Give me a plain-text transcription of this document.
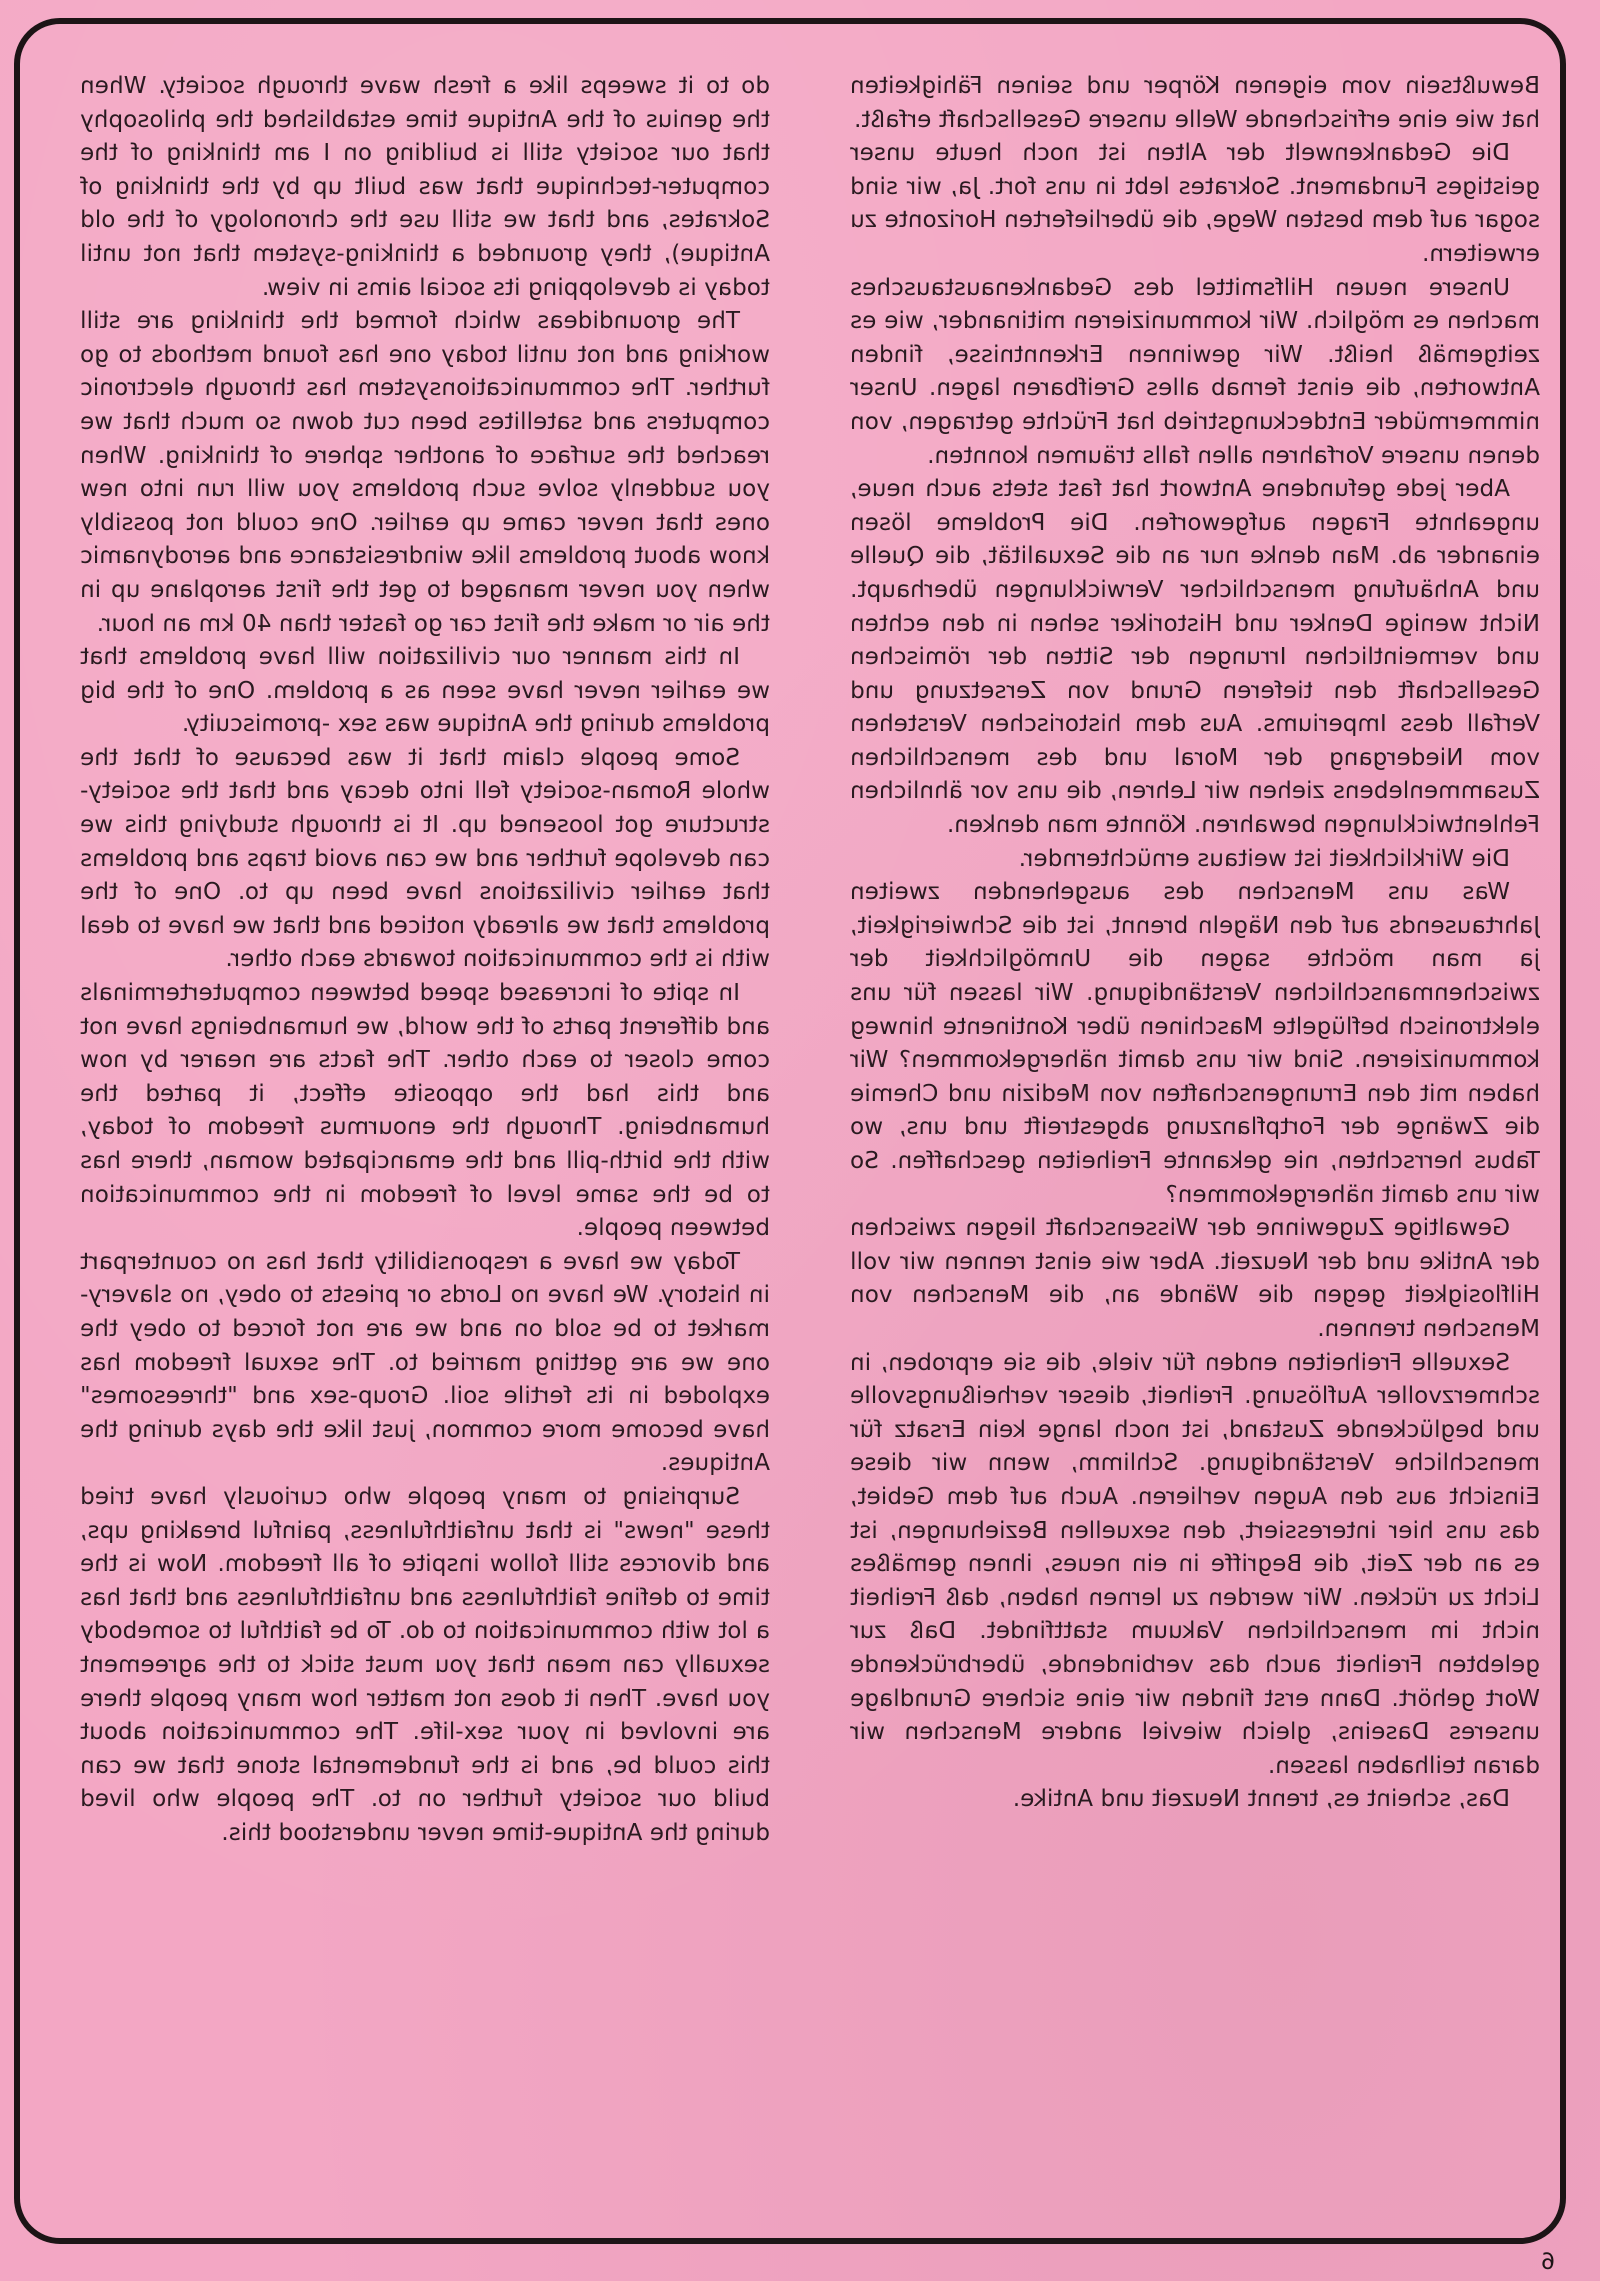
Bewußtsein vom eigenen Körper und seinen Fähigkeiten hat wie eine erfrischende Welle unsere Gesellschaft erfaßt.

Die Gedankenwelt der Alten ist noch heute unser geistiges Fundament. Sokrates lebt in uns fort. Ja, wir sind sogar auf dem besten Wege, die überlieferten Horizonte zu erweitern.

Unsere neuen Hilfsmittel des Gedankenaustausches machen es möglich. Wir kommunizieren mitinander, wie es zeitgemäß heißt. Wir gewinnen Erkenntnisse, finden Antworten, die einst fernab alles Greifbaren lagen. Unser nimmermüder Entdeckungstrieb hat Früchte getragen, von denen unsere Vorfahren allen falls träumen konnten.

Aber jede gefundene Antwort hat fast stets auch neue, ungeahnte Fragen aufgeworfen. Die Probleme lösen einander ab. Man denke nur an die Sexualität, die Quelle und Anhäufung menschlicher Verwicklungen überhaupt. Nicht wenige Denker und Historiker sehen in den echten und vermeintlichen Irrungen der Sitten der römischen Gesellschaft den tieferen Grund von Zersetzung und Verfall dess Imperiums. Aus dem historischen Verstehen vom Niedergang der Moral und des menschlichen Zusammenlebens ziehen wir Lehren, die uns vor ähnlichen Fehlentwicklungen bewahren. Könnte man denken.

Die Wirklichkeit ist weitaus ernüchternder.

Was uns Menschen des ausgehenden zweiten Jahrtausends auf den Nägeln brennt, ist die Schwierigkeit, ja man möchte sagen die Unmöglichkeit der zwischenmanschlichen Verständigung. Wir lassen für uns elektronisch beflügelte Maschinen über Kontinente hinweg kommunizieren. Sind wir uns damit nähergekommen? Wir haben mit den Errungenschaften von Medizin und Chemie die Zwänge der Fortpflanzung abgestreift und uns, wo Tabus herrschten, nie gekannte Freiheiten geschaffen. So wir uns damit nähergekommen?

Gewaltige Zugewinne der Wissenschaft liegen zwischen der Antike und der Neuzeit. Aber wie einst rennen wir voll Hilflosigkeit gegen die Wände an, die Menschen von Menschen trennen.

Sexuelle Freiheiten enden für viele, die sie erproben, in schmerzvoller Auflösung. Freiheit, dieser verheißungsvolle und beglückende Zustand, ist noch lange kein Ersatz für menschliche Verständigung. Schlimm, wenn wir diese Einsicht aus den Augen verlieren. Auch auf dem Gebiet, das uns hier interessiert, den sexuellen Beziehungen, ist es an der Zeit, die Begriffe in ein neues, ihnen gemäßes Licht zu rücken. Wir werden zu lernen haben, daß Freiheit nicht im menschlichen Vakuum stattfindet. Daß zur gelebten Freiheit auch das verbindende, überbrückende Wort gehört. Dann erst finden wir eine sichere Grundlage unseres Daseins, gleich wieviel andere Menschen wir daran teilhaben lassen.

Das, scheint es, trennt Neuzeit und Antike.

do to it sweeps like a fresh wave through society. When the genius of the Antique time established the philosophy that our society still is building on I am thinking of the computer-technique that was built up by the thinking of Sokrates, and that we still use the chronology of the old Antique), they grounded a thinking-system that not until today is developping its social aims in view.

The groundideas which formed the thinking are still working and not until today one has found methods to go further. The communicationsystem has through electronic computers and satellites been cut down so much that we reached the surface of another sphere of thinking. When you suddenly solve such problems you will run into new ones that never came up earlier. One could not possibly know about problems like windresistance and aerodynamic when you never managed to get the first aeroplane up in the air or make the first car go faster than 40 km an hour.

In this manner our civilization will have problems that we earlier never have seen as a problem. One of the big problems during the Antique was sex -promiscuity.

Some people claim that it was because of that the whole Roman-society fell into decay and that the society-structure got loosened up. It is through studying this we can develope further and we can avoid traps and problems that earlier civilizations have been up to. One of the problems that we already noticed and that we have to deal with is the communication towards each other.

In spite of increased speed between computerterminals and different parts of the world, we humanbeings have not come closer to each other. The facts are nearer by now and this had the opposite effect, it parted the humanbeing. Through the enourmus freedom of today, with the birth-pill and the emancipated woman, there has to be the same level of freedom in the communication between people.

Today we have a responsibility that has no counterpart in history. We have no Lords or priests to obey, no slavery-market to be sold on and we are not forced to obey the one we are getting married to. The sexual freedom has exploded in its fertile soil. Group-sex and "threesomes" have become more common, just like the days during the Antiques.

Surprising to many people who curiously have tried these "news" is that unfaithfulness, painful breaking ups, and divorces still follow inspite of all freedom. Now is the time to define faithfulness and unfaithfulness and that has a lot with communication to do. To be faithful to somebody sexually can mean that you must stick to the agreement you have. Then it does not matter how many people there are involved in your sex-life. The communication about this could be, and is the fundemental stone that we can build our society further on to. The people who lived during the Antique-time never understood this.

6
